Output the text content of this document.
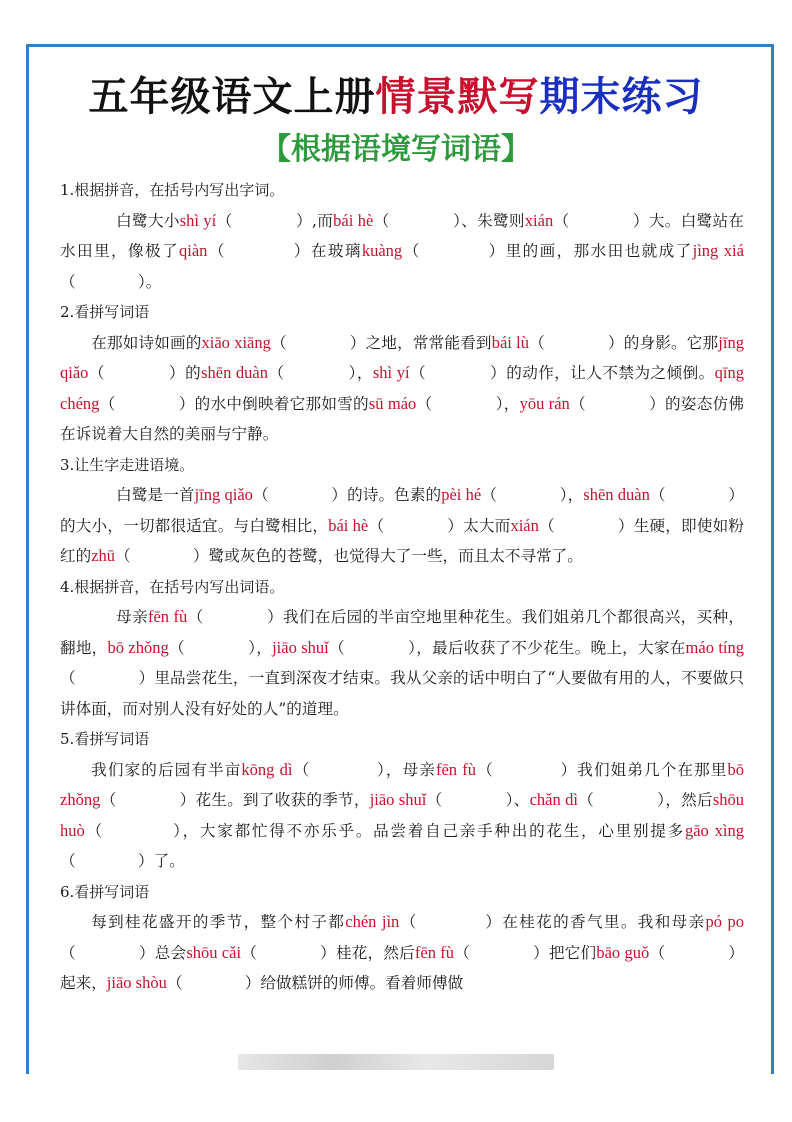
五年级语文上册情景默写期末练习
【根据语境写词语】
1.根据拼音，在括号内写出字词。
白鹭大小shì yí（　　　　）,而bái hè（　　　　）、朱鹭则xián（　　　　）大。白鹭站在水田里，像极了qiàn（　　　　）在玻璃kuàng（　　　　）里的画，那水田也就成了jìng xiá（　　　　）。
2.看拼写词语
在那如诗如画的xiāo xiāng（　　　　）之地，常常能看到bái lù（　　　　）的身影。它那jīng qiǎo（　　　　）的shēn duàn（　　　　），shì yí（　　　　）的动作，让人不禁为之倾倒。qīng chéng（　　　　）的水中倒映着它那如雪的sū máo（　　　　），yōu rán（　　　　）的姿态仿佛在诉说着大自然的美丽与宁静。
3.让生字走进语境。
白鹭是一首jīng qiǎo（　　　　）的诗。色素的pèi hé（　　　　），shēn duàn（　　　　）的大小，一切都很适宜。与白鹭相比，bái hè（　　　　）太大而xián（　　　　）生硬，即使如粉红的zhū（　　　　）鹭或灰色的苍鹭，也觉得大了一些，而且太不寻常了。
4.根据拼音，在括号内写出词语。
母亲fēn fù（　　　　）我们在后园的半亩空地里种花生。我们姐弟几个都很高兴，买种，翻地，bō zhǒng（　　　　），jiāo shuǐ（　　　　），最后收获了不少花生。晚上，大家在máo tíng（　　　　）里品尝花生，一直到深夜才结束。我从父亲的话中明白了“人要做有用的人，不要做只讲体面，而对别人没有好处的人”的道理。
5.看拼写词语
我们家的后园有半亩kōng dì（　　　　），母亲fēn fù（　　　　）我们姐弟几个在那里bō zhǒng（　　　　）花生。到了收获的季节，jiāo shuǐ（　　　　）、chǎn dì（　　　　），然后shōu huò（　　　　），大家都忙得不亦乐乎。品尝着自己亲手种出的花生，心里别提多gāo xìng（　　　　）了。
6.看拼写词语
每到桂花盛开的季节，整个村子都chén jìn（　　　　）在桂花的香气里。我和母亲pó po（　　　　）总会shōu cǎi（　　　　）桂花，然后fēn fù（　　　　）把它们bāo guǒ（　　　　）起来，jiāo shòu（　　　　）给做糕饼的师傅。看着师傅做
